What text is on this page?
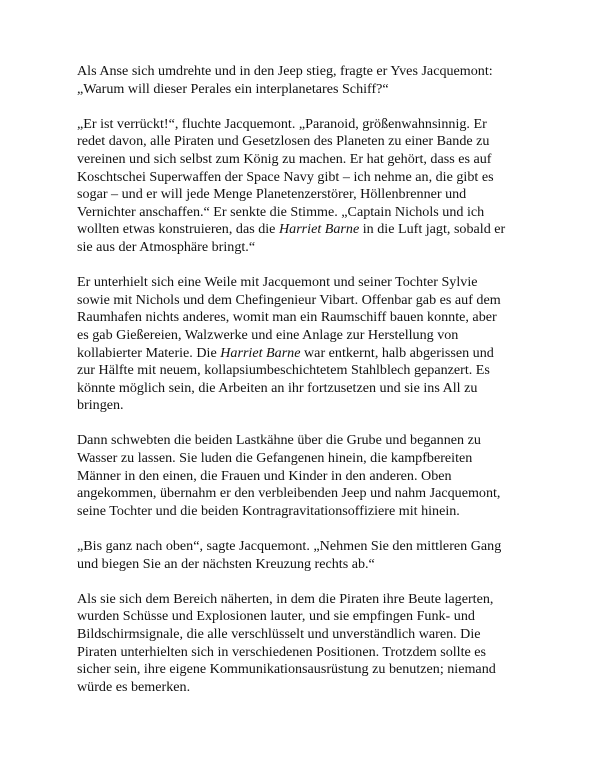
Als Anse sich umdrehte und in den Jeep stieg, fragte er Yves Jacquemont:
„Warum will dieser Perales ein interplanetares Schiff?“

„Er ist verrückt!“, fluchte Jacquemont. „Paranoid, größenwahnsinnig. Er
redet davon, alle Piraten und Gesetzlosen des Planeten zu einer Bande zu
vereinen und sich selbst zum König zu machen. Er hat gehört, dass es auf
Koschtschei Superwaffen der Space Navy gibt – ich nehme an, die gibt es
sogar – und er will jede Menge Planetenzerstörer, Höllenbrenner und
Vernichter anschaffen.“ Er senkte die Stimme. „Captain Nichols und ich
wollten etwas konstruieren, das die Harriet Barne in die Luft jagt, sobald er
sie aus der Atmosphäre bringt.“

Er unterhielt sich eine Weile mit Jacquemont und seiner Tochter Sylvie
sowie mit Nichols und dem Chefingenieur Vibart. Offenbar gab es auf dem
Raumhafen nichts anderes, womit man ein Raumschiff bauen konnte, aber
es gab Gießereien, Walzwerke und eine Anlage zur Herstellung von
kollabierter Materie. Die Harriet Barne war entkernt, halb abgerissen und
zur Hälfte mit neuem, kollapsiumbeschichtetem Stahlblech gepanzert. Es
könnte möglich sein, die Arbeiten an ihr fortzusetzen und sie ins All zu
bringen.

Dann schwebten die beiden Lastkähne über die Grube und begannen zu
Wasser zu lassen. Sie luden die Gefangenen hinein, die kampfbereiten
Männer in den einen, die Frauen und Kinder in den anderen. Oben
angekommen, übernahm er den verbleibenden Jeep und nahm Jacquemont,
seine Tochter und die beiden Kontragravitationsoffiziere mit hinein.

„Bis ganz nach oben“, sagte Jacquemont. „Nehmen Sie den mittleren Gang
und biegen Sie an der nächsten Kreuzung rechts ab.“

Als sie sich dem Bereich näherten, in dem die Piraten ihre Beute lagerten,
wurden Schüsse und Explosionen lauter, und sie empfingen Funk- und
Bildschirmsignale, die alle verschlüsselt und unverständlich waren. Die
Piraten unterhielten sich in verschiedenen Positionen. Trotzdem sollte es
sicher sein, ihre eigene Kommunikationsausrüstung zu benutzen; niemand
würde es bemerken.
